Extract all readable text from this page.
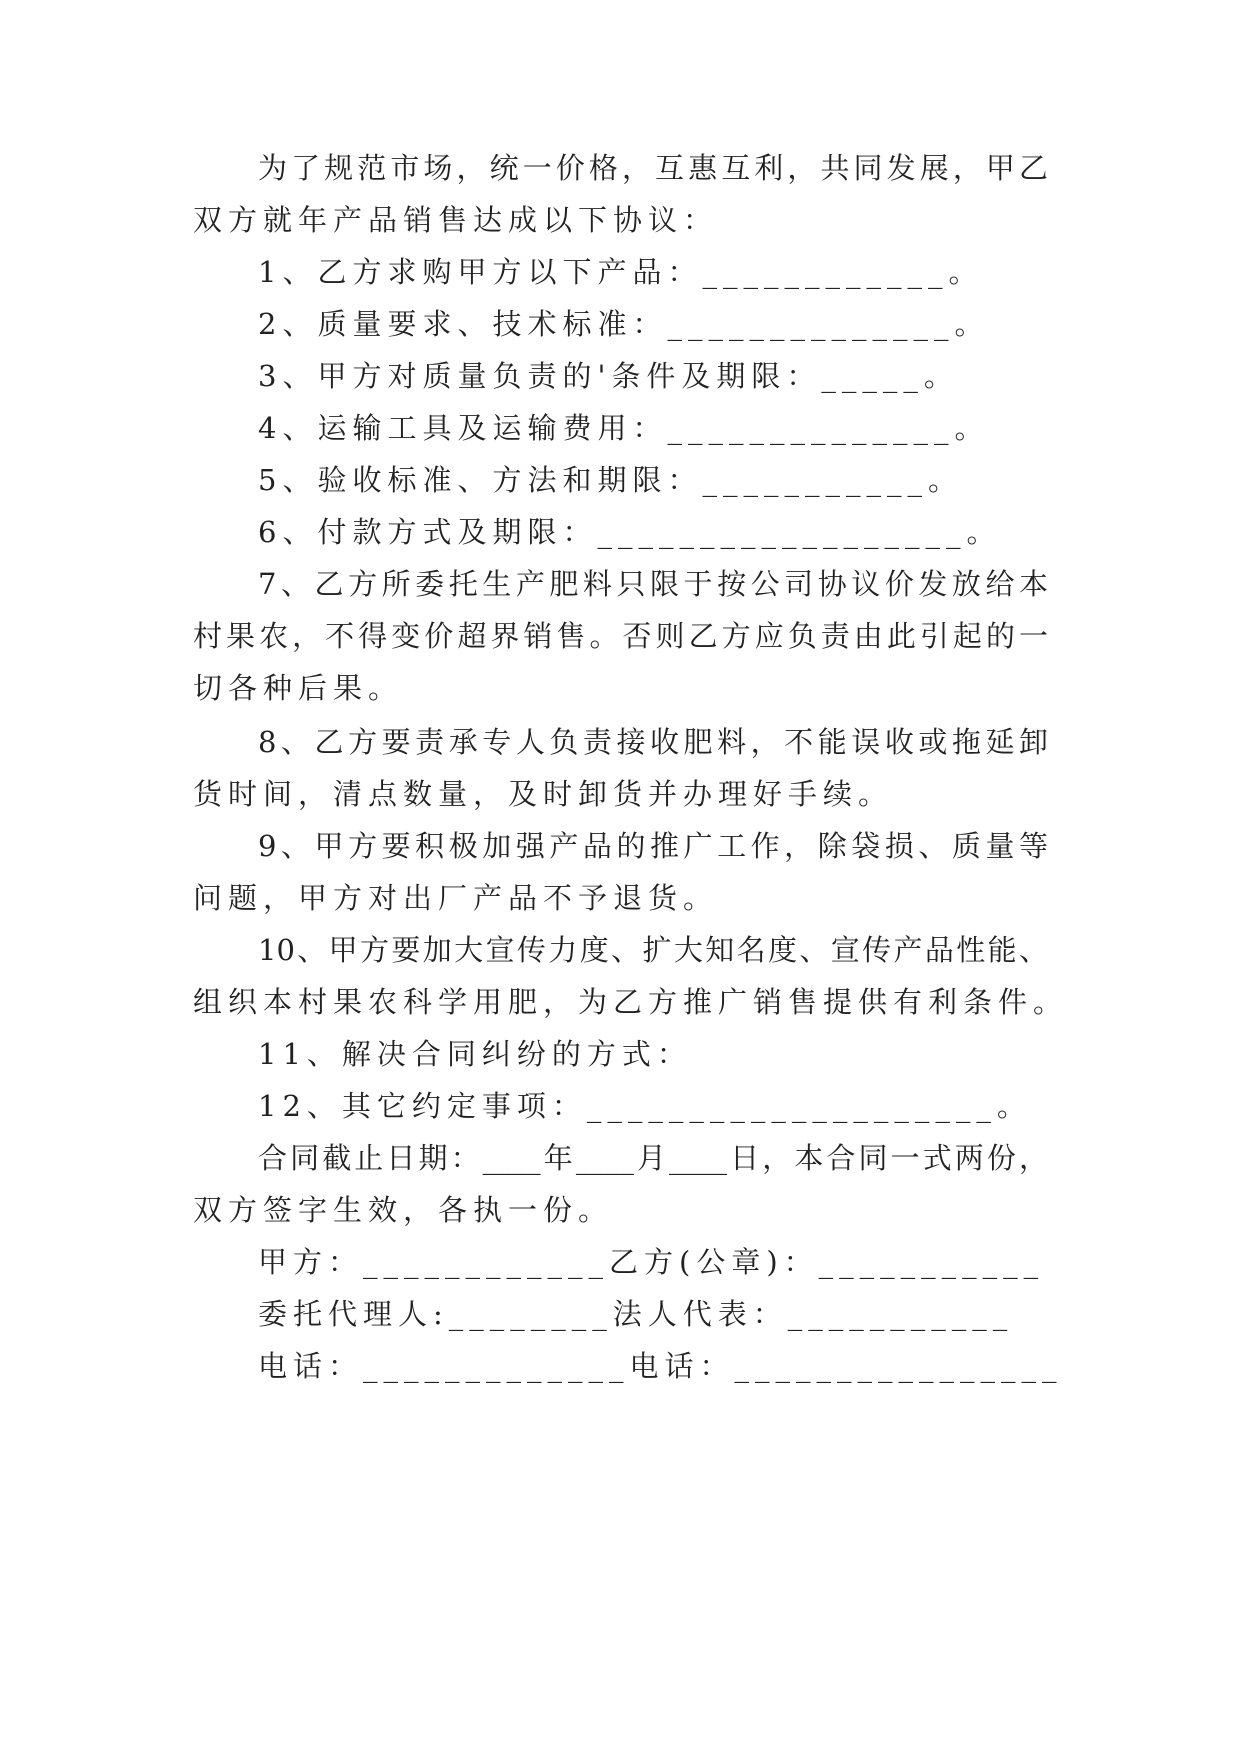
为了规范市场，统一价格，互惠互利，共同发展，甲乙
双方就年产品销售达成以下协议：
1、乙方求购甲方以下产品：____________。
2、质量要求、技术标准：______________。
3、甲方对质量负责的'条件及期限：_____。
4、运输工具及运输费用：______________。
5、验收标准、方法和期限：___________。
6、付款方式及期限：__________________。
7、乙方所委托生产肥料只限于按公司协议价发放给本
村果农，不得变价超界销售。否则乙方应负责由此引起的一
切各种后果。
8、乙方要责承专人负责接收肥料，不能误收或拖延卸
货时间，清点数量，及时卸货并办理好手续。
9、甲方要积极加强产品的推广工作，除袋损、质量等
问题，甲方对出厂产品不予退货。
10、甲方要加大宣传力度、扩大知名度、宣传产品性能、
组织本村果农科学用肥，为乙方推广销售提供有利条件。
11、解决合同纠纷的方式：
12、其它约定事项：____________________。
合同截止日期：____年____月____日，本合同一式两份，
双方签字生效，各执一份。
甲方：____________乙方(公章)：___________
委托代理人:________法人代表：___________
电话：_____________电话：________________
